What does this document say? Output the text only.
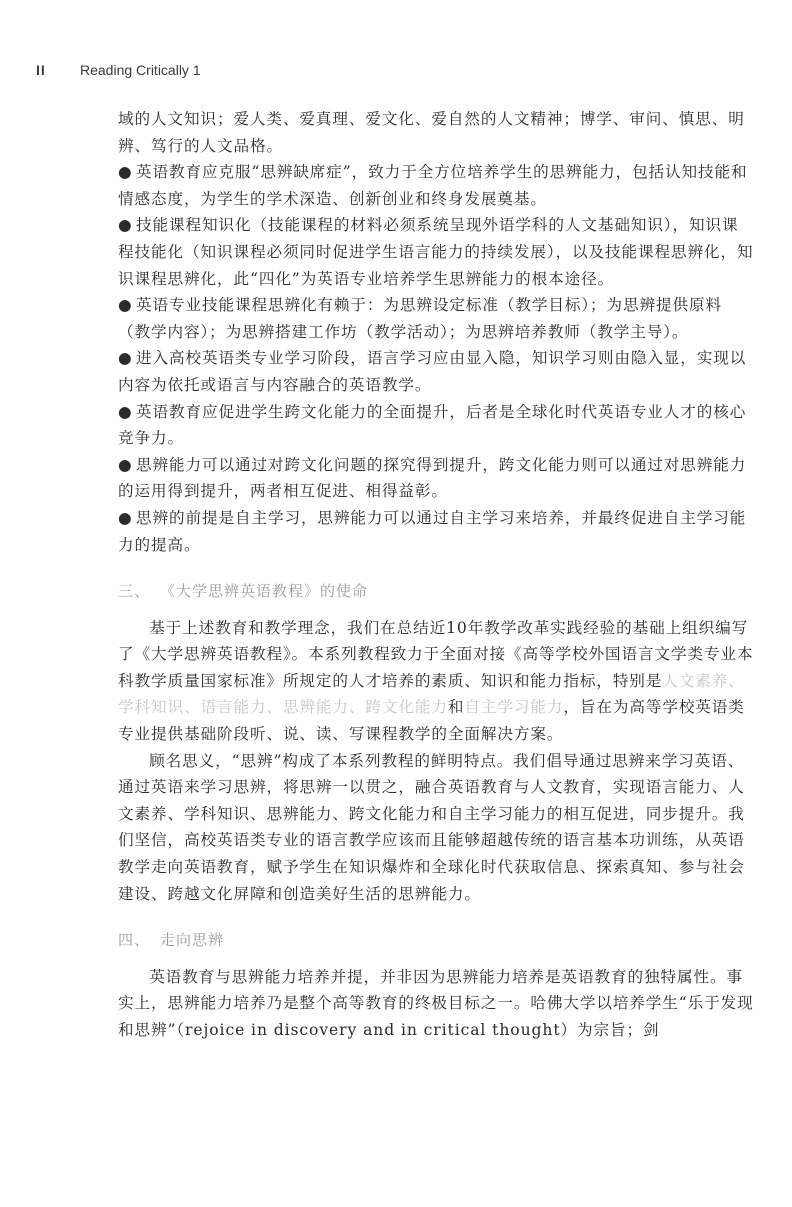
II Reading Critically 1

域的人文知识；爱人类、爱真理、爱文化、爱自然的人文精神；博学、审问、慎思、明辨、笃行的人文品格。

● 英语教育应克服“思辨缺席症”，致力于全方位培养学生的思辨能力，包括认知技能和情感态度，为学生的学术深造、创新创业和终身发展奠基。

● 技能课程知识化（技能课程的材料必须系统呈现外语学科的人文基础知识），知识课程技能化（知识课程必须同时促进学生语言能力的持续发展），以及技能课程思辨化，知识课程思辨化，此“四化”为英语专业培养学生思辨能力的根本途径。

● 英语专业技能课程思辨化有赖于：为思辨设定标准（教学目标）；为思辨提供原料（教学内容）；为思辨搭建工作坊（教学活动）；为思辨培养教师（教学主导）。

● 进入高校英语类专业学习阶段，语言学习应由显入隐，知识学习则由隐入显，实现以内容为依托或语言与内容融合的英语教学。

● 英语教育应促进学生跨文化能力的全面提升，后者是全球化时代英语专业人才的核心竞争力。

● 思辨能力可以通过对跨文化问题的探究得到提升，跨文化能力则可以通过对思辨能力的运用得到提升，两者相互促进、相得益彰。

● 思辨的前提是自主学习，思辨能力可以通过自主学习来培养，并最终促进自主学习能力的提高。

三、 《大学思辨英语教程》的使命

基于上述教育和教学理念，我们在总结近10年教学改革实践经验的基础上组织编写了《大学思辨英语教程》。本系列教程致力于全面对接《高等学校外国语言文学类专业本科教学质量国家标准》所规定的人才培养的素质、知识和能力指标，特别是人文素养、学科知识、语言能力、思辨能力、跨文化能力和自主学习能力，旨在为高等学校英语类专业提供基础阶段听、说、读、写课程教学的全面解决方案。

顾名思义，“思辨”构成了本系列教程的鲜明特点。我们倡导通过思辨来学习英语、通过英语来学习思辨，将思辨一以贯之，融合英语教育与人文教育，实现语言能力、人文素养、学科知识、思辨能力、跨文化能力和自主学习能力的相互促进，同步提升。我们坚信，高校英语类专业的语言教学应该而且能够超越传统的语言基本功训练，从英语教学走向英语教育，赋予学生在知识爆炸和全球化时代获取信息、探索真知、参与社会建设、跨越文化屏障和创造美好生活的思辨能力。

四、 走向思辨

英语教育与思辨能力培养并提，并非因为思辨能力培养是英语教育的独特属性。事实上，思辨能力培养乃是整个高等教育的终极目标之一。哈佛大学以培养学生“乐于发现和思辨”（rejoice in discovery and in critical thought）为宗旨；剑
